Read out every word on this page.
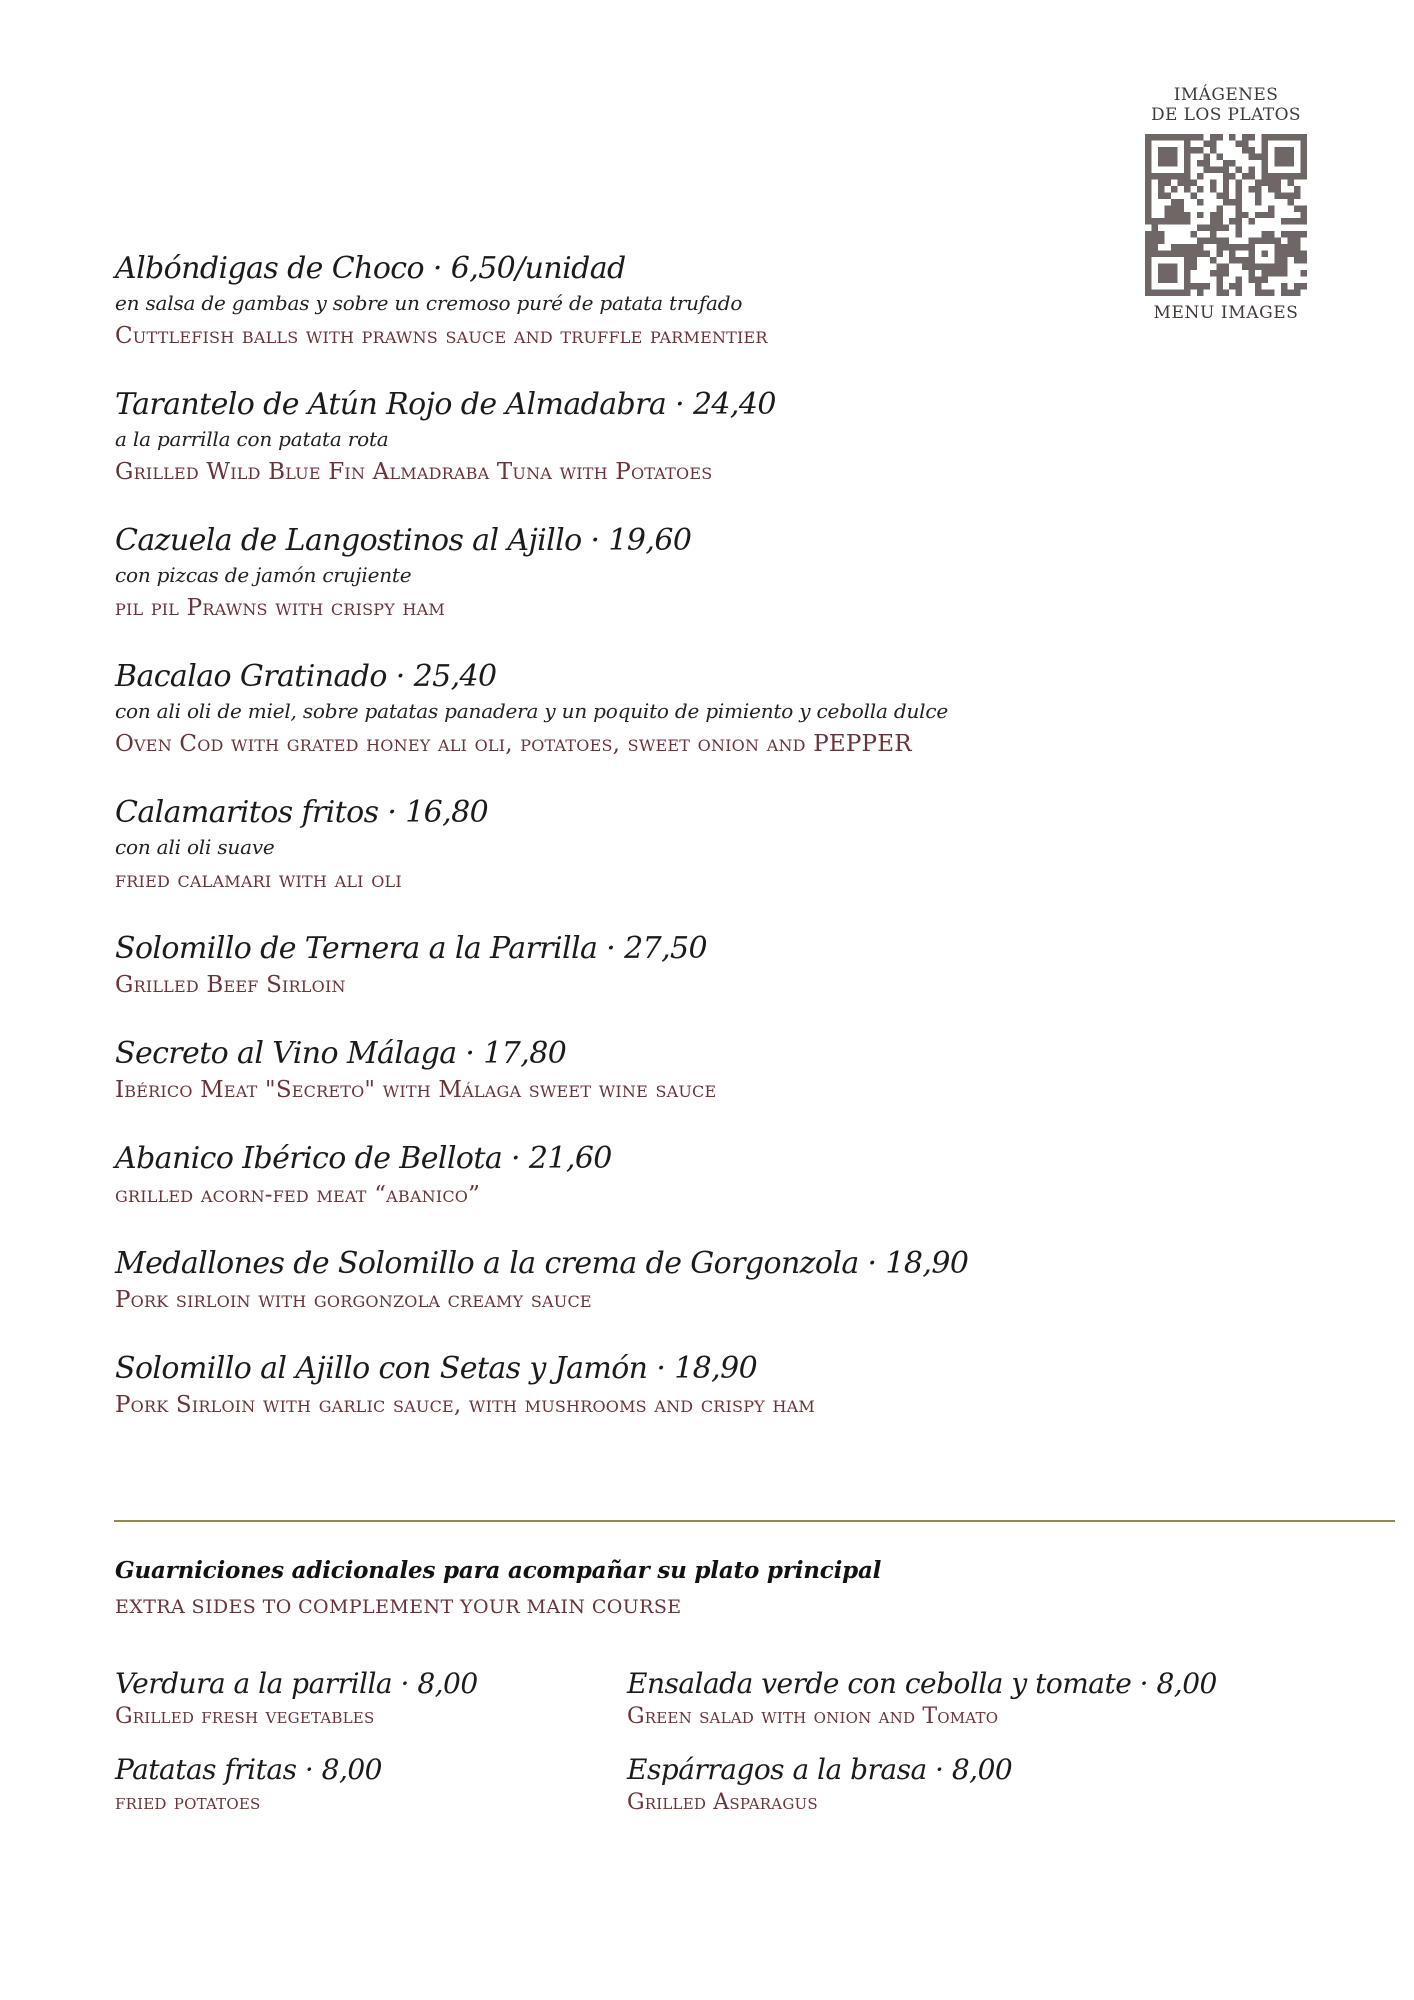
IMÁGENES
DE LOS PLATOS
MENU IMAGES
Albóndigas de Choco · 6,50/unidad
en salsa de gambas y sobre un cremoso puré de patata trufado
Cuttlefish balls with prawns sauce and truffle parmentier
Tarantelo de Atún Rojo de Almadabra · 24,40
a la parrilla con patata rota
Grilled Wild Blue Fin Almadraba Tuna with Potatoes
Cazuela de Langostinos al Ajillo · 19,60
con pizcas de jamón crujiente
pil pil Prawns with crispy ham
Bacalao Gratinado · 25,40
con ali oli de miel, sobre patatas panadera y un poquito de pimiento y cebolla dulce
Oven Cod with grated honey ali oli, potatoes, sweet onion and PEPPER
Calamaritos fritos · 16,80
con ali oli suave
fried calamari with ali oli
Solomillo de Ternera a la Parrilla · 27,50
Grilled Beef Sirloin
Secreto al Vino Málaga · 17,80
Ibérico Meat "Secreto" with Málaga sweet wine sauce
Abanico Ibérico de Bellota · 21,60
grilled acorn-fed meat “abanico”
Medallones de Solomillo a la crema de Gorgonzola · 18,90
Pork sirloin with gorgonzola creamy sauce
Solomillo al Ajillo con Setas y Jamón · 18,90
Pork Sirloin with garlic sauce, with mushrooms and crispy ham
Guarniciones adicionales para acompañar su plato principal
EXTRA SIDES TO COMPLEMENT YOUR MAIN COURSE
Verdura a la parrilla · 8,00
Grilled fresh vegetables
Patatas fritas · 8,00
fried potatoes
Ensalada verde con cebolla y tomate · 8,00
Green salad with onion and Tomato
Espárragos a la brasa · 8,00
Grilled Asparagus
